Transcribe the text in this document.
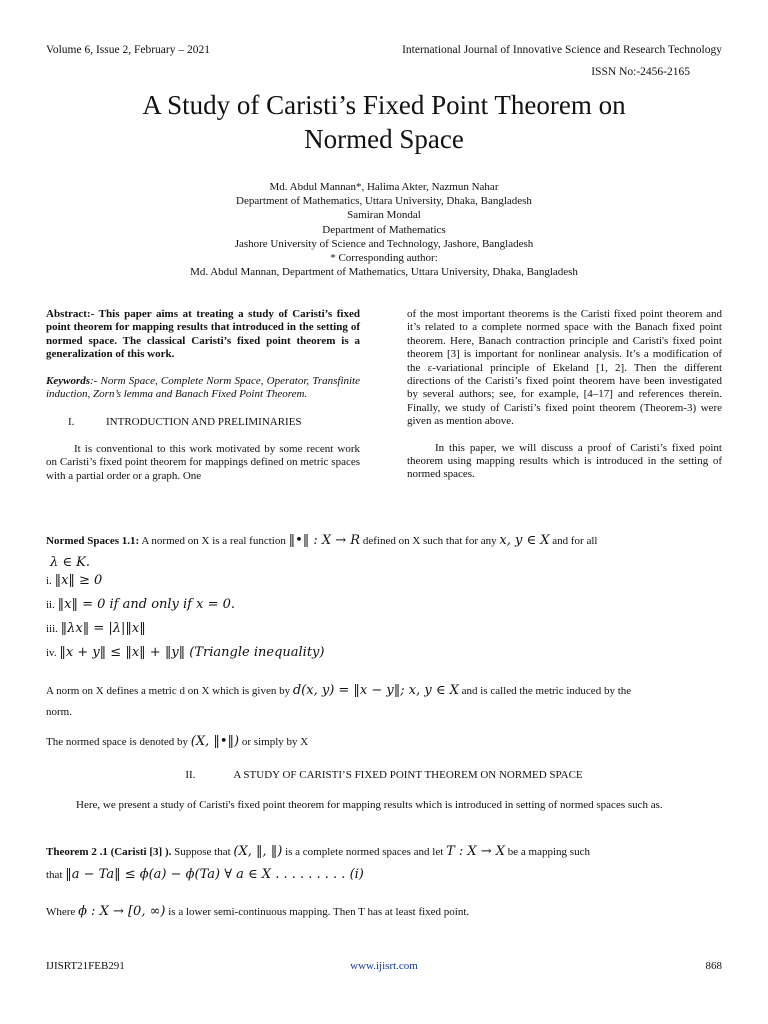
Volume 6, Issue 2, February – 2021	International Journal of Innovative Science and Research Technology
ISSN No:-2456-2165
A Study of Caristi’s Fixed Point Theorem on
Normed Space
Md. Abdul Mannan*, Halima Akter, Nazmun Nahar
Department of Mathematics, Uttara University, Dhaka, Bangladesh
Samiran Mondal
Department of Mathematics
Jashore University of Science and Technology, Jashore, Bangladesh
* Corresponding author:
Md. Abdul Mannan, Department of Mathematics, Uttara University, Dhaka, Bangladesh
Abstract:- This paper aims at treating a study of Caristi’s fixed point theorem for mapping results that introduced in the setting of normed space. The classical Caristi’s fixed point theorem is a generalization of this work.
Keywords:- Norm Space, Complete Norm Space, Operator, Transfinite induction, Zorn’s lemma and Banach Fixed Point Theorem.
I.	INTRODUCTION AND PRELIMINARIES
It is conventional to this work motivated by some recent work on Caristi’s fixed point theorem for mappings defined on metric spaces with a partial order or a graph. One
of the most important theorems is the Caristi fixed point theorem and it’s related to a complete normed space with the Banach fixed point theorem. Here, Banach contraction principle and Caristi's fixed point theorem [3] is important for nonlinear analysis. It’s a modification of the ε-variational principle of Ekeland [1, 2]. Then the different directions of the Caristi’s fixed point theorem have been investigated by several authors; see, for example, [4–17] and references therein. Finally, we study of Caristi’s fixed point theorem (Theorem-3) were given as mention above.
In this paper, we will discuss a proof of Caristi’s fixed point theorem using mapping results which is introduced in the setting of normed spaces.
Normed Spaces 1.1: A normed on X is a real function ‖•‖ : X → R defined on X such that for any x, y ∈ X and for all
λ ∈ K.
i. ‖x‖ ≥ 0
ii. ‖x‖ = 0 if and only if x = 0.
iii. ‖λx‖ = |λ|‖x‖
iv. ‖x + y‖ ≤ ‖x‖ + ‖y‖ (Triangle inequality)
A norm on X defines a metric d on X which is given by d(x, y) = ‖x − y‖; x, y ∈ X and is called the metric induced by the
norm.
The normed space is denoted by (X, ‖•‖) or simply by X
II.	A STUDY OF CARISTI’S FIXED POINT THEOREM ON NORMED SPACE
Here, we present a study of Caristi's fixed point theorem for mapping results which is introduced in setting of normed spaces such as.
Theorem 2 .1 (Caristi [3] ). Suppose that (X, ‖, ‖) is a complete normed spaces and let T : X → X be a mapping such
that ‖a − Ta‖ ≤ ϕ(a) − ϕ(Ta) ∀ a ∈ X . . . . . . . . . (i)
Where ϕ : X → [0, ∞) is a lower semi-continuous mapping. Then T has at least fixed point.
IJISRT21FEB291	www.ijisrt.com	868
